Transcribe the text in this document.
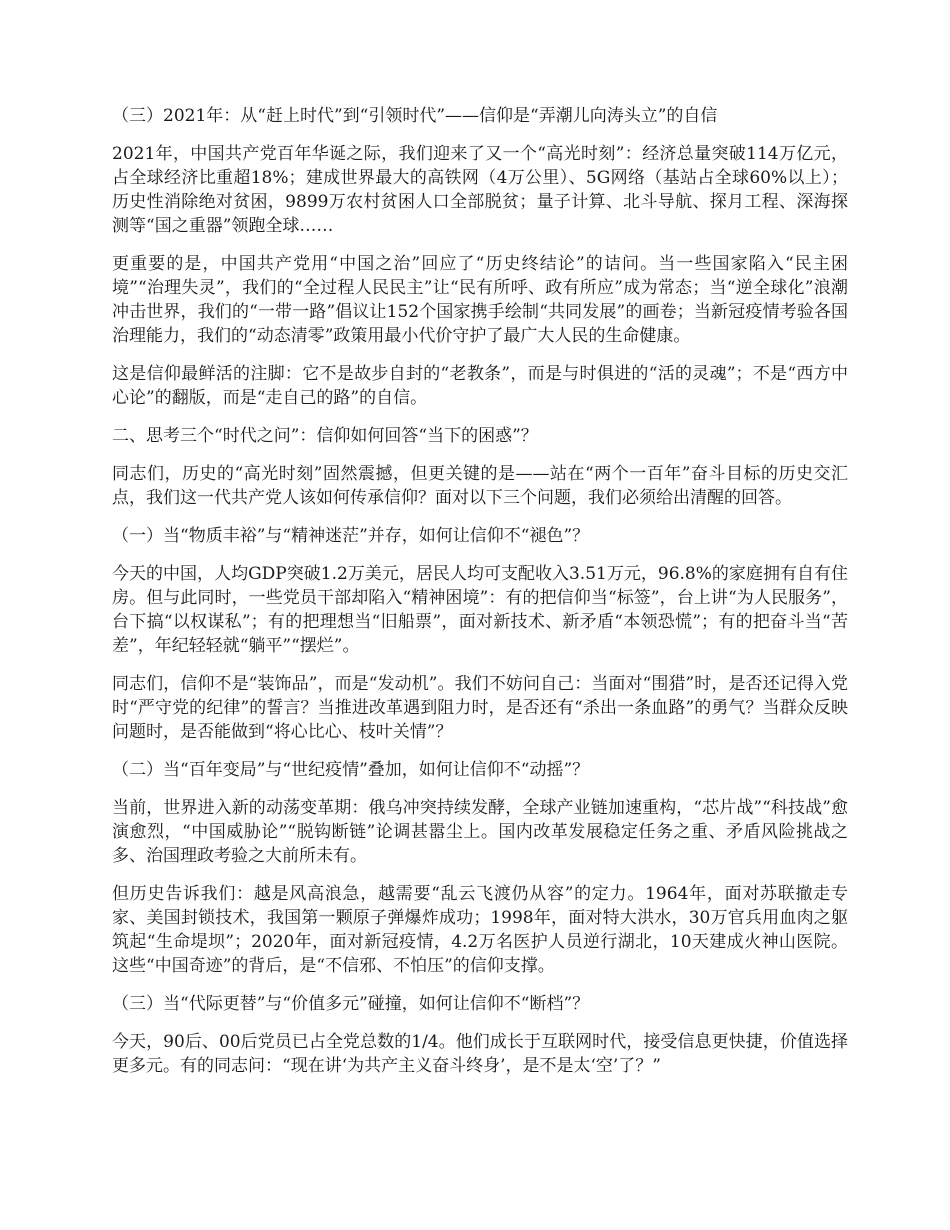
（三）2021年：从“赶上时代”到“引领时代”——信仰是“弄潮儿向涛头立”的自信

2021年，中国共产党百年华诞之际，我们迎来了又一个“高光时刻”：经济总量突破114万亿元，占全球经济比重超18%；建成世界最大的高铁网（4万公里）、5G网络（基站占全球60%以上）；历史性消除绝对贫困，9899万农村贫困人口全部脱贫；量子计算、北斗导航、探月工程、深海探测等“国之重器”领跑全球……

更重要的是，中国共产党用“中国之治”回应了“历史终结论”的诘问。当一些国家陷入“民主困境”“治理失灵”，我们的“全过程人民民主”让“民有所呼、政有所应”成为常态；当“逆全球化”浪潮冲击世界，我们的“一带一路”倡议让152个国家携手绘制“共同发展”的画卷；当新冠疫情考验各国治理能力，我们的“动态清零”政策用最小代价守护了最广大人民的生命健康。

这是信仰最鲜活的注脚：它不是故步自封的“老教条”，而是与时俱进的“活的灵魂”；不是“西方中心论”的翻版，而是“走自己的路”的自信。

二、思考三个“时代之问”：信仰如何回答“当下的困惑”？

同志们，历史的“高光时刻”固然震撼，但更关键的是——站在“两个一百年”奋斗目标的历史交汇点，我们这一代共产党人该如何传承信仰？面对以下三个问题，我们必须给出清醒的回答。

（一）当“物质丰裕”与“精神迷茫”并存，如何让信仰不“褪色”？

今天的中国，人均GDP突破1.2万美元，居民人均可支配收入3.51万元，96.8%的家庭拥有自有住房。但与此同时，一些党员干部却陷入“精神困境”：有的把信仰当“标签”，台上讲“为人民服务”，台下搞“以权谋私”；有的把理想当“旧船票”，面对新技术、新矛盾“本领恐慌”；有的把奋斗当“苦差”，年纪轻轻就“躺平”“摆烂”。

同志们，信仰不是“装饰品”，而是“发动机”。我们不妨问自己：当面对“围猎”时，是否还记得入党时“严守党的纪律”的誓言？当推进改革遇到阻力时，是否还有“杀出一条血路”的勇气？当群众反映问题时，是否能做到“将心比心、枝叶关情”？

（二）当“百年变局”与“世纪疫情”叠加，如何让信仰不“动摇”？

当前，世界进入新的动荡变革期：俄乌冲突持续发酵，全球产业链加速重构，“芯片战”“科技战”愈演愈烈，“中国威胁论”“脱钩断链”论调甚嚣尘上。国内改革发展稳定任务之重、矛盾风险挑战之多、治国理政考验之大前所未有。

但历史告诉我们：越是风高浪急，越需要“乱云飞渡仍从容”的定力。1964年，面对苏联撤走专家、美国封锁技术，我国第一颗原子弹爆炸成功；1998年，面对特大洪水，30万官兵用血肉之躯筑起“生命堤坝”；2020年，面对新冠疫情，4.2万名医护人员逆行湖北，10天建成火神山医院。这些“中国奇迹”的背后，是“不信邪、不怕压”的信仰支撑。

（三）当“代际更替”与“价值多元”碰撞，如何让信仰不“断档”？

今天，90后、00后党员已占全党总数的1/4。他们成长于互联网时代，接受信息更快捷，价值选择更多元。有的同志问：“现在讲‘为共产主义奋斗终身’，是不是太‘空’了？”
